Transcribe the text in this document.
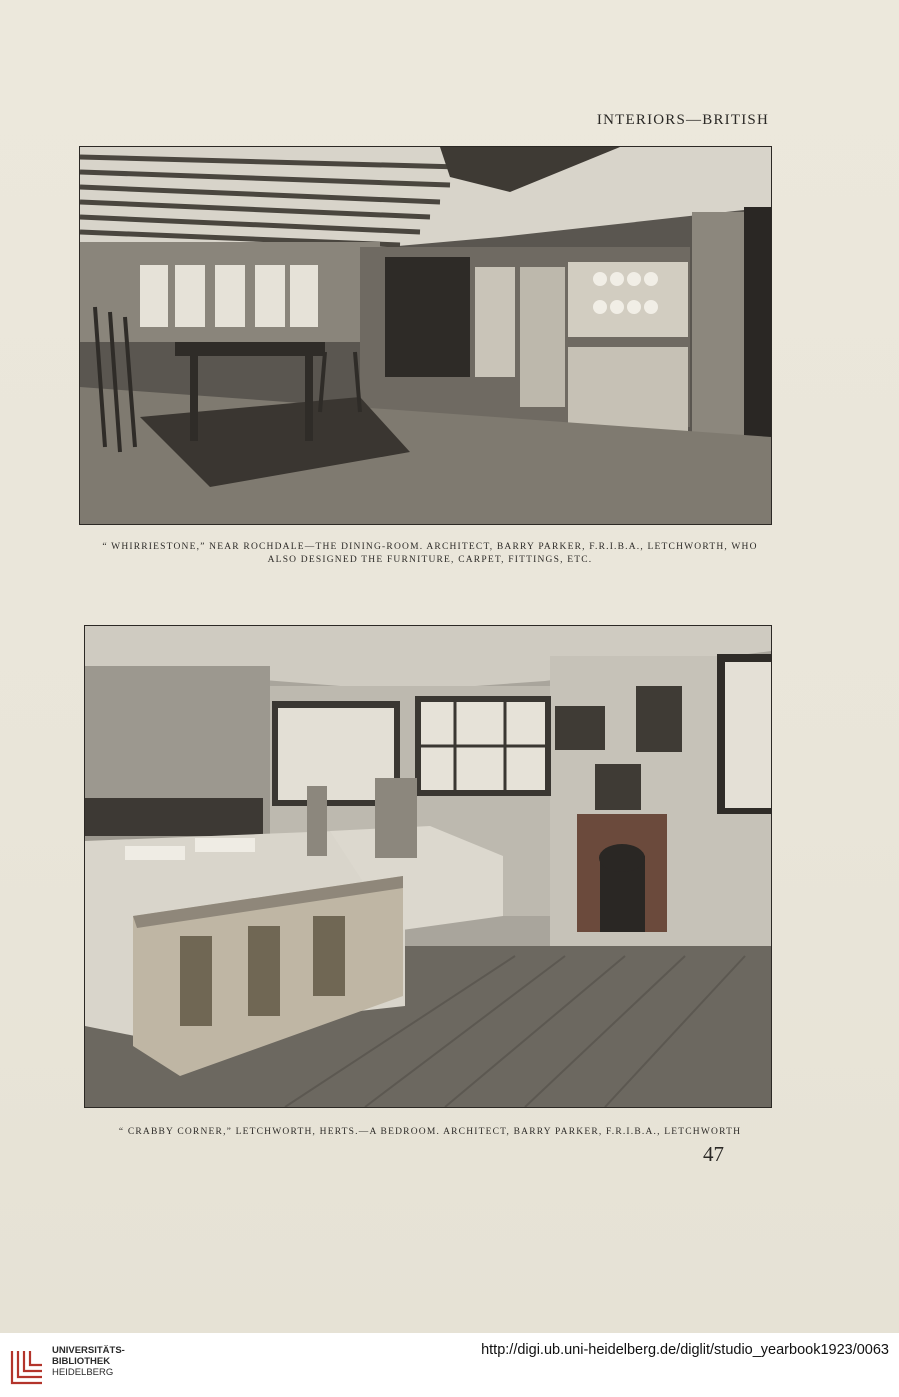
INTERIORS—BRITISH
“ WHIRRIESTONE,” NEAR ROCHDALE—THE DINING-ROOM. ARCHITECT, BARRY PARKER, F.R.I.B.A., LETCHWORTH, WHO
ALSO DESIGNED THE FURNITURE, CARPET, FITTINGS, ETC.
“ CRABBY CORNER,” LETCHWORTH, HERTS.—A BEDROOM. ARCHITECT, BARRY PARKER, F.R.I.B.A., LETCHWORTH
47
UNIVERSITÄTS-
BIBLIOTHEK
HEIDELBERG
http://digi.ub.uni-heidelberg.de/diglit/studio_yearbook1923/0063
